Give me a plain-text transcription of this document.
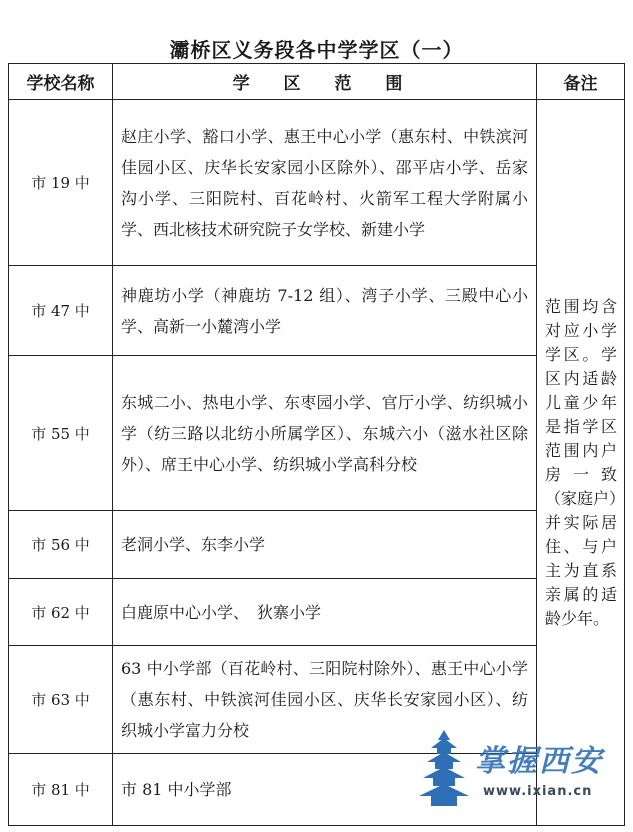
灞桥区义务段各中学学区（一）
学校名称	学 区 范 围	备注
市 19 中	赵庄小学、豁口小学、惠王中心小学（惠东村、中铁滨河佳园小区、庆华长安家园小区除外）、邵平店小学、岳家沟小学、三阳院村、百花岭村、火箭军工程大学附属小学、西北核技术研究院子女学校、新建小学	范围均含对应小学学区。学区内适龄儿童少年是指学区范围内户房一致（家庭户）并实际居住、与户主为直系亲属的适龄少年。
市 47 中	神鹿坊小学（神鹿坊 7-12 组）、湾子小学、三殿中心小学、高新一小麓湾小学	
市 55 中	东城二小、热电小学、东枣园小学、官厅小学、纺织城小学（纺三路以北纺小所属学区）、东城六小（滋水社区除外）、席王中心小学、纺织城小学高科分校	
市 56 中	老洞小学、东李小学	
市 62 中	白鹿原中心小学、　狄寨小学	
市 63 中	63 中小学部（百花岭村、三阳院村除外）、惠王中心小学（惠东村、中铁滨河佳园小区、庆华长安家园小区）、纺织城小学富力分校	
市 81 中	市 81 中小学部	
掌握西安
www.ixian.cn
